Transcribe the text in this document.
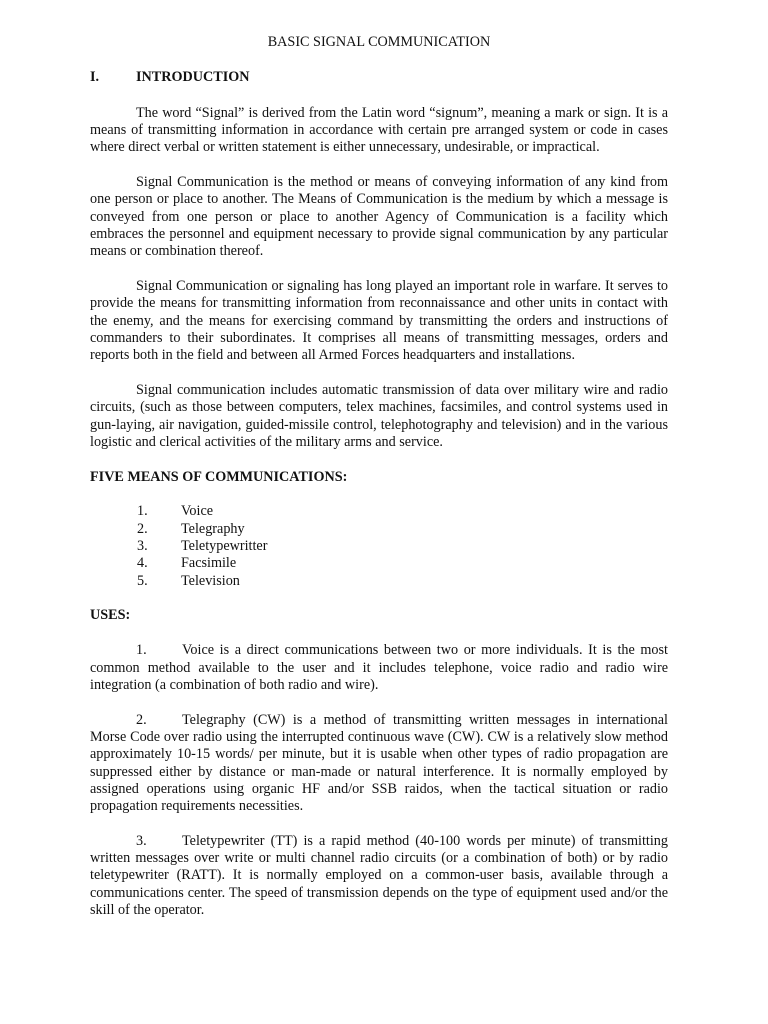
BASIC SIGNAL COMMUNICATION
I.	INTRODUCTION

The word “Signal” is derived from the Latin word “signum”, meaning a mark or sign. It is a means of transmitting information in accordance with certain pre arranged system or code in cases where direct verbal or written statement is either unnecessary, undesirable, or impractical.

Signal Communication is the method or means of conveying information of any kind from one person or place to another. The Means of Communication is the medium by which a message is conveyed from one person or place to another Agency of Communication is a facility which embraces the personnel and equipment necessary to provide signal communication by any particular means or combination thereof.

Signal Communication or signaling has long played an important role in warfare. It serves to provide the means for transmitting information from reconnaissance and other units in contact with the enemy, and the means for exercising command by transmitting the orders and instructions of commanders to their subordinates. It comprises all means of transmitting messages, orders and reports both in the field and between all Armed Forces headquarters and installations.

Signal communication includes automatic transmission of data over military wire and radio circuits, (such as those between computers, telex machines, facsimiles, and control systems used in gun-laying, air navigation, guided-missile control, telephotography and television) and in the various logistic and clerical activities of the military arms and service.

FIVE MEANS OF COMMUNICATIONS:
1.	Voice
2.	Telegraphy
3.	Teletypewritter
4.	Facsimile
5.	Television
USES:

1. Voice is a direct communications between two or more individuals. It is the most common method available to the user and it includes telephone, voice radio and radio wire integration (a combination of both radio and wire).

2. Telegraphy (CW) is a method of transmitting written messages in international Morse Code over radio using the interrupted continuous wave (CW). CW is a relatively slow method approximately 10-15 words/ per minute, but it is usable when other types of radio propagation are suppressed either by distance or man-made or natural interference. It is normally employed by assigned operations using organic HF and/or SSB raidos, when the tactical situation or radio propagation requirements necessities.

3. Teletypewriter (TT) is a rapid method (40-100 words per minute) of transmitting written messages over write or multi channel radio circuits (or a combination of both) or by radio teletypewriter (RATT). It is normally employed on a common-user basis, available through a communications center. The speed of transmission depends on the type of equipment used and/or the skill of the operator.
